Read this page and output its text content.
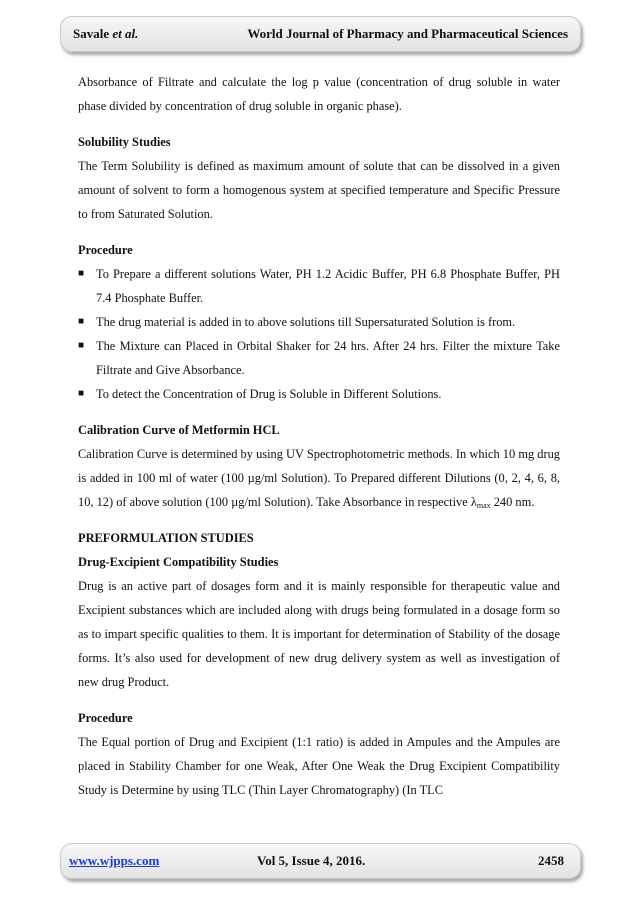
Savale et al.	World Journal of Pharmacy and Pharmaceutical Sciences

Absorbance of Filtrate and calculate the log p value (concentration of drug soluble in water phase divided by concentration of drug soluble in organic phase).

Solubility Studies

The Term Solubility is defined as maximum amount of solute that can be dissolved in a given amount of solvent to form a homogenous system at specified temperature and Specific Pressure to from Saturated Solution.

Procedure

■ To Prepare a different solutions Water, PH 1.2 Acidic Buffer, PH 6.8 Phosphate Buffer, PH 7.4 Phosphate Buffer.
■ The drug material is added in to above solutions till Supersaturated Solution is from.
■ The Mixture can Placed in Orbital Shaker for 24 hrs. After 24 hrs. Filter the mixture Take Filtrate and Give Absorbance.
■ To detect the Concentration of Drug is Soluble in Different Solutions.

Calibration Curve of Metformin HCL

Calibration Curve is determined by using UV Spectrophotometric methods. In which 10 mg drug is added in 100 ml of water (100 µg/ml Solution). To Prepared different Dilutions (0, 2, 4, 6, 8, 10, 12) of above solution (100 µg/ml Solution). Take Absorbance in respective $\lambda_{max}$ 240 nm.

PREFORMULATION STUDIES

Drug-Excipient Compatibility Studies

Drug is an active part of dosages form and it is mainly responsible for therapeutic value and Excipient substances which are included along with drugs being formulated in a dosage form so as to impart specific qualities to them. It is important for determination of Stability of the dosage forms. It’s also used for development of new drug delivery system as well as investigation of new drug Product.

Procedure

The Equal portion of Drug and Excipient (1:1 ratio) is added in Ampules and the Ampules are placed in Stability Chamber for one Weak, After One Weak the Drug Excipient Compatibility Study is Determine by using TLC (Thin Layer Chromatography) (In TLC

www.wjpps.com	Vol 5, Issue 4, 2016.	2458
